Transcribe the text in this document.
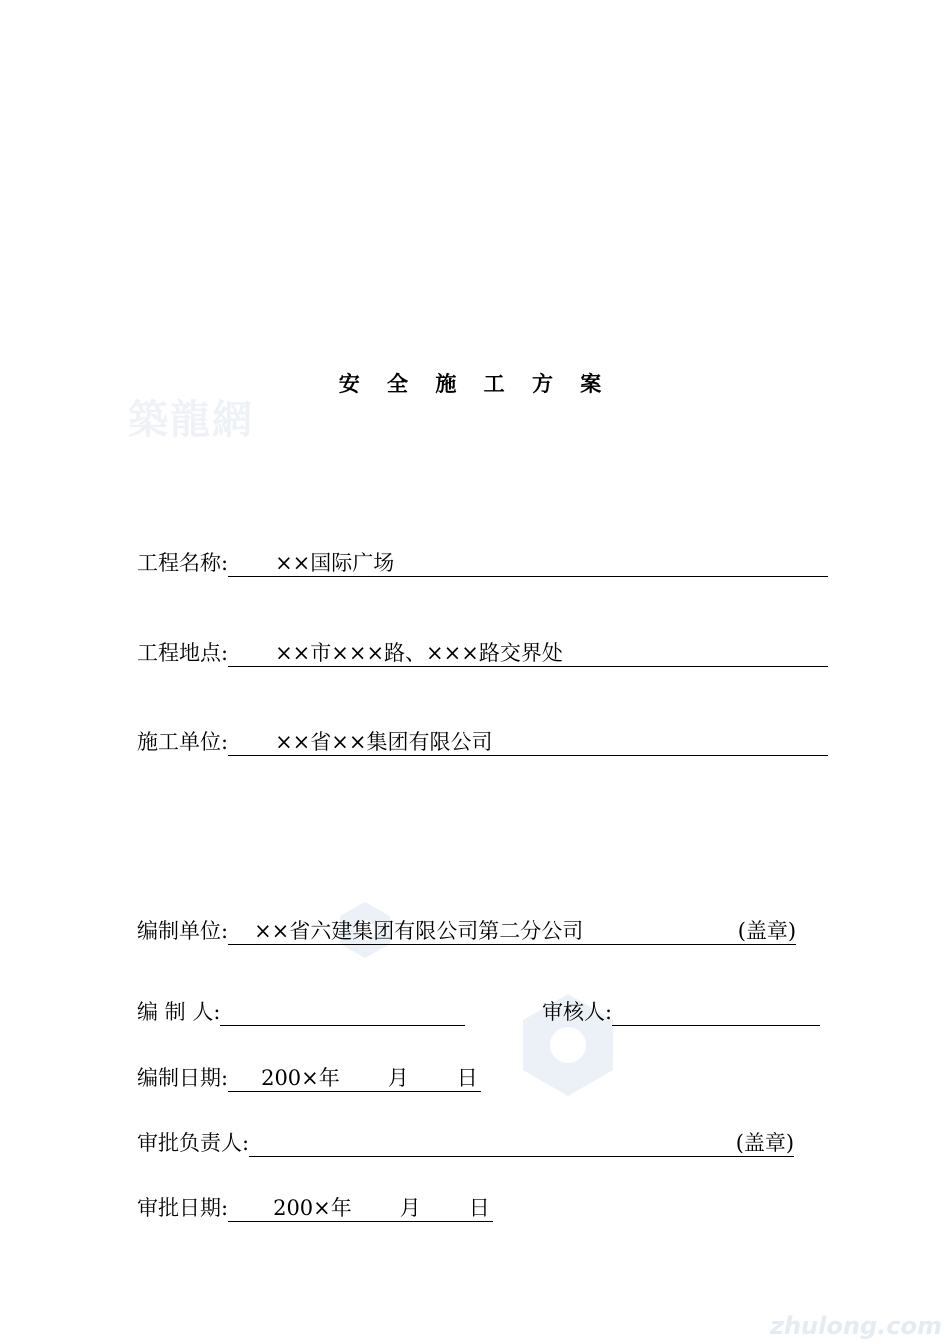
築龍網
zhulong.com
安 全 施 工 方 案
工程名称: ××国际广场
工程地点: ××市×××路、×××路交界处
施工单位: ××省××集团有限公司
编制单位: ××省六建集团有限公司第二分公司	(盖章)
编 制 人:	审核人:
编制日期: 200×年 月 日
审批负责人:	(盖章)
审批日期: 200×年 月 日
